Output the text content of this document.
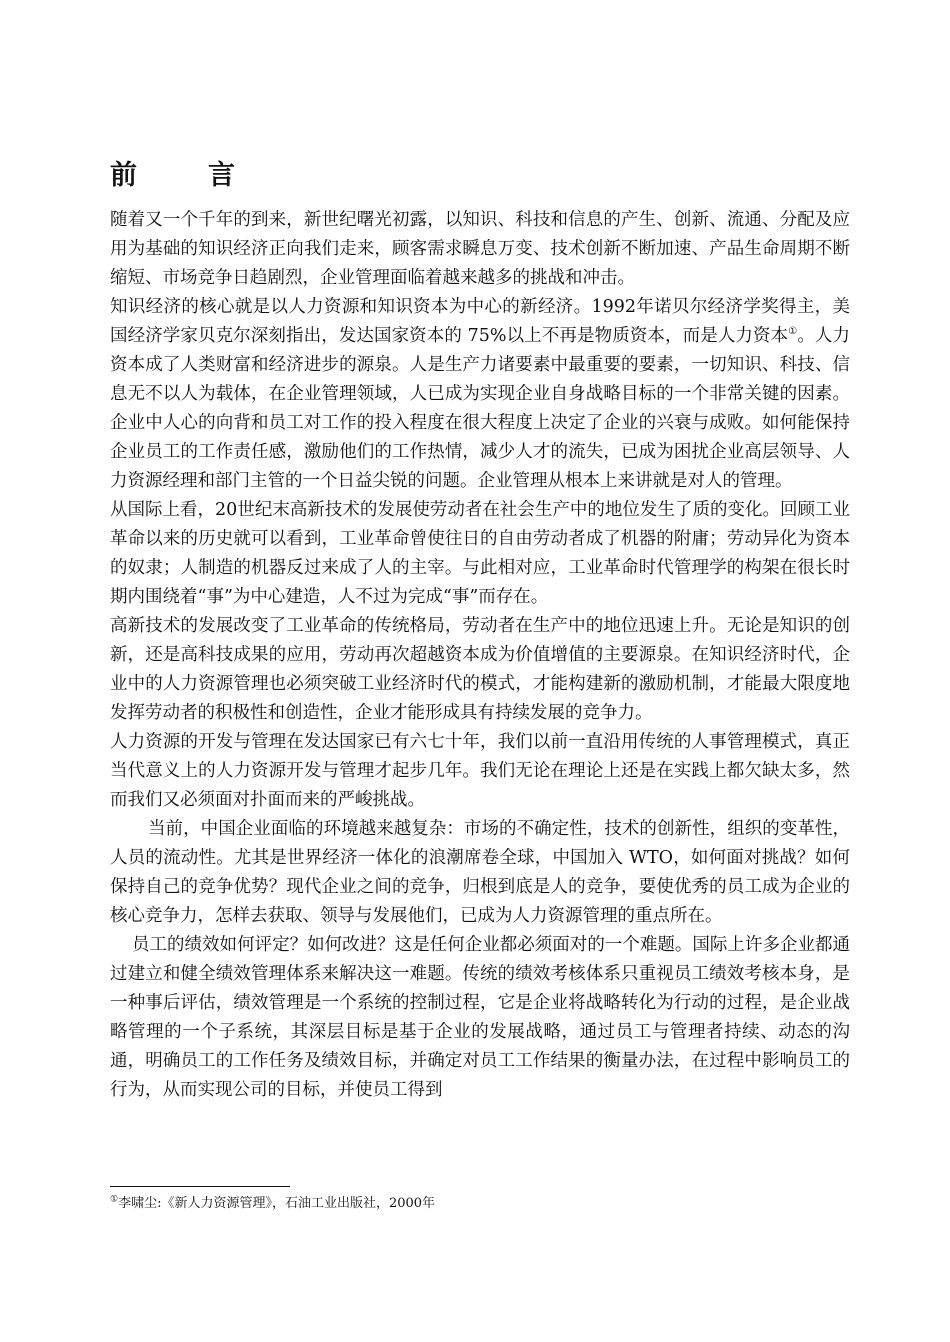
前　言

随着又一个千年的到来，新世纪曙光初露，以知识、科技和信息的产生、创新、流通、分配及应用为基础的知识经济正向我们走来，顾客需求瞬息万变、技术创新不断加速、产品生命周期不断缩短、市场竞争日趋剧烈，企业管理面临着越来越多的挑战和冲击。

知识经济的核心就是以人力资源和知识资本为中心的新经济。1992年诺贝尔经济学奖得主，美国经济学家贝克尔深刻指出，发达国家资本的 75%以上不再是物质资本，而是人力资本①。人力资本成了人类财富和经济进步的源泉。人是生产力诸要素中最重要的要素，一切知识、科技、信息无不以人为载体，在企业管理领域，人已成为实现企业自身战略目标的一个非常关键的因素。企业中人心的向背和员工对工作的投入程度在很大程度上决定了企业的兴衰与成败。如何能保持企业员工的工作责任感，激励他们的工作热情，减少人才的流失，已成为困扰企业高层领导、人力资源经理和部门主管的一个日益尖锐的问题。企业管理从根本上来讲就是对人的管理。

从国际上看，20世纪末高新技术的发展使劳动者在社会生产中的地位发生了质的变化。回顾工业革命以来的历史就可以看到，工业革命曾使往日的自由劳动者成了机器的附庸；劳动异化为资本的奴隶；人制造的机器反过来成了人的主宰。与此相对应，工业革命时代管理学的构架在很长时期内围绕着“事”为中心建造，人不过为完成“事”而存在。

高新技术的发展改变了工业革命的传统格局，劳动者在生产中的地位迅速上升。无论是知识的创新，还是高科技成果的应用，劳动再次超越资本成为价值增值的主要源泉。在知识经济时代，企业中的人力资源管理也必须突破工业经济时代的模式，才能构建新的激励机制，才能最大限度地发挥劳动者的积极性和创造性，企业才能形成具有持续发展的竞争力。

人力资源的开发与管理在发达国家已有六七十年，我们以前一直沿用传统的人事管理模式，真正当代意义上的人力资源开发与管理才起步几年。我们无论在理论上还是在实践上都欠缺太多，然而我们又必须面对扑面而来的严峻挑战。

当前，中国企业面临的环境越来越复杂：市场的不确定性，技术的创新性，组织的变革性，人员的流动性。尤其是世界经济一体化的浪潮席卷全球，中国加入 WTO，如何面对挑战？如何保持自己的竞争优势？现代企业之间的竞争，归根到底是人的竞争，要使优秀的员工成为企业的核心竞争力，怎样去获取、领导与发展他们，已成为人力资源管理的重点所在。

员工的绩效如何评定？如何改进？这是任何企业都必须面对的一个难题。国际上许多企业都通过建立和健全绩效管理体系来解决这一难题。传统的绩效考核体系只重视员工绩效考核本身，是一种事后评估，绩效管理是一个系统的控制过程，它是企业将战略转化为行动的过程，是企业战略管理的一个子系统，其深层目标是基于企业的发展战略，通过员工与管理者持续、动态的沟通，明确员工的工作任务及绩效目标，并确定对员工工作结果的衡量办法，在过程中影响员工的行为，从而实现公司的目标，并使员工得到

①李啸尘:《新人力资源管理》，石油工业出版社，2000年
